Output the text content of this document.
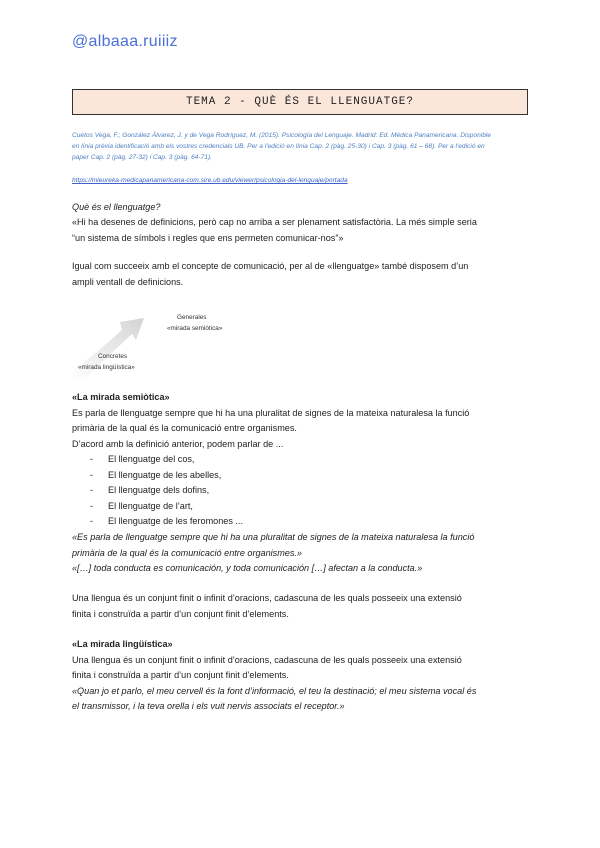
@albaaa.ruiiiz
TEMA 2 - QUÈ ÉS EL LLENGUATGE?
Cuetos Vega, F.; González Álvarez, J. y de Vega Rodríguez, M. (2015). Psicología del Lenguaje. Madrid: Ed. Médica Panamericana. Disponible
en línia prèvia identificació amb els vostres credencials UB. Per a l'edició en línia Cap. 2 (pàg. 25-30) i Cap. 3 (pàg. 61 – 68). Per a l'edició en
paper Cap. 2 (pàg. 27-32) i Cap. 3 (pàg. 64-71).
https://mieureka-medicapanamericana-com.sire.ub.edu/viewer/psicologia-del-lenguaje/portada
Què és el llenguatge?
«Hi ha desenes de definicions, però cap no arriba a ser plenament satisfactòria. La més simple seria
“un sistema de símbols i regles que ens permeten comunicar-nos”»
Igual com succeeix amb el concepte de comunicació, per al de «llenguatge» també disposem d’un
ampli ventall de definicions.
Generales
«mirada semiòtica»
Concretes
«mirada lingüística»
«La mirada semiòtica»
Es parla de llenguatge sempre que hi ha una pluralitat de signes de la mateixa naturalesa la funció
primària de la qual és la comunicació entre organismes.
D’acord amb la definició anterior, podem parlar de ...
- El llenguatge del cos,
- El llenguatge de les abelles,
- El llenguatge dels dofins,
- El llenguatge de l’art,
- El llenguatge de les feromones ...
«Es parla de llenguatge sempre que hi ha una pluralitat de signes de la mateixa naturalesa la funció
primària de la qual és la comunicació entre organismes.»
«[…] toda conducta es comunicación, y toda comunicación […] afectan a la conducta.»
Una llengua és un conjunt finit o infinit d’oracions, cadascuna de les quals posseeix una extensió
finita i construïda a partir d’un conjunt finit d’elements.
«La mirada lingüística»
Una llengua és un conjunt finit o infinit d’oracions, cadascuna de les quals posseeix una extensió
finita i construïda a partir d’un conjunt finit d’elements.
«Quan jo et parlo, el meu cervell és la font d’informació, el teu la destinació; el meu sistema vocal és
el transmissor, i la teva orella i els vuit nervis associats el receptor.»
